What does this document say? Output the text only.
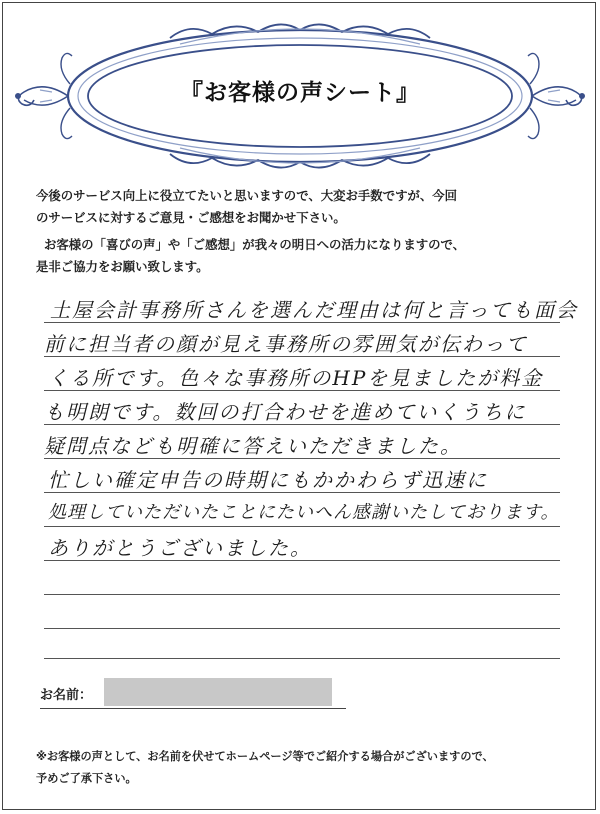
『お客様の声シート』
今後のサービス向上に役立てたいと思いますので、大変お手数ですが、今回
のサービスに対するご意見・ご感想をお聞かせ下さい。
お客様の「喜びの声」や「ご感想」が我々の明日への活力になりますので、
是非ご協力をお願い致します。
土屋会計事務所さんを選んだ理由は何と言っても面会
前に担当者の顔が見え事務所の雰囲気が伝わって
くる所です。色々な事務所のHPを見ましたが料金
も明朗です。数回の打合わせを進めていくうちに
疑問点なども明確に答えいただきました。
忙しい確定申告の時期にもかかわらず迅速に
処理していただいたことにたいへん感謝いたしております。
ありがとうございました。
お名前：
※お客様の声として、お名前を伏せてホームページ等でご紹介する場合がございますので、
予めご了承下さい。
